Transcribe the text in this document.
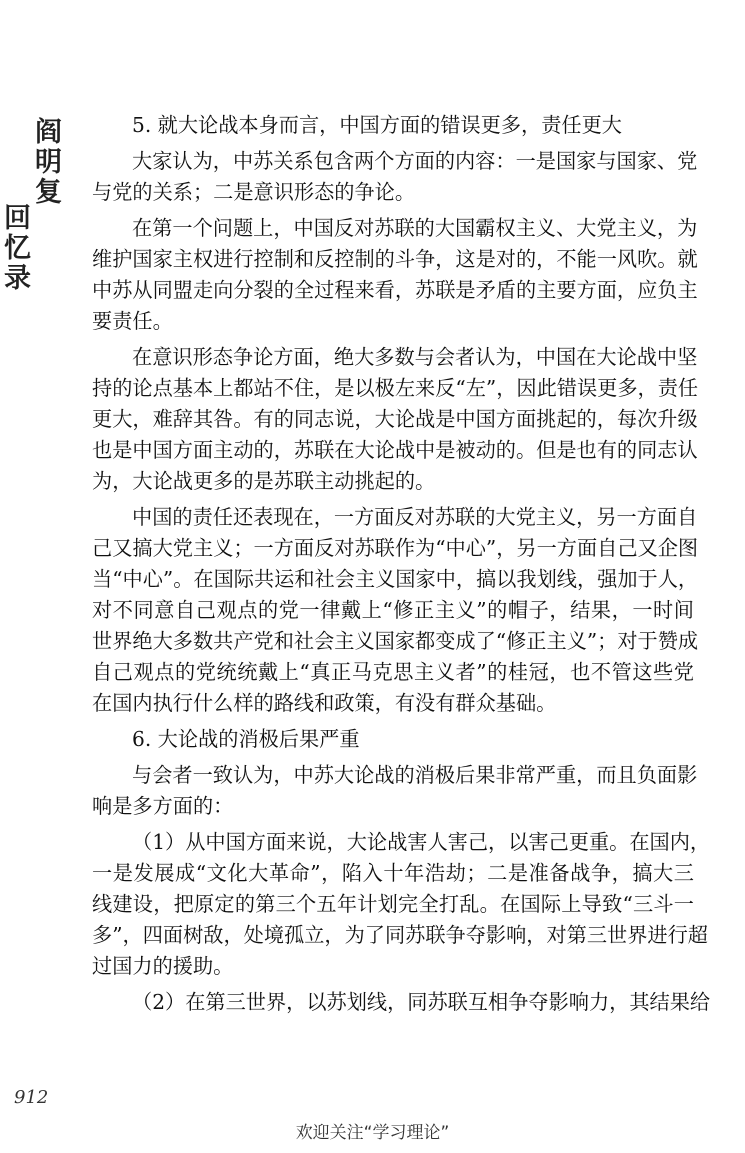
阎
明
复
回
忆
录
5. 就大论战本身而言，中国方面的错误更多，责任更大
大家认为，中苏关系包含两个方面的内容：一是国家与国家、党
与党的关系；二是意识形态的争论。
在第一个问题上，中国反对苏联的大国霸权主义、大党主义，为
维护国家主权进行控制和反控制的斗争，这是对的，不能一风吹。就
中苏从同盟走向分裂的全过程来看，苏联是矛盾的主要方面，应负主
要责任。
在意识形态争论方面，绝大多数与会者认为，中国在大论战中坚
持的论点基本上都站不住，是以极左来反“左”，因此错误更多，责任
更大，难辞其咎。有的同志说，大论战是中国方面挑起的，每次升级
也是中国方面主动的，苏联在大论战中是被动的。但是也有的同志认
为，大论战更多的是苏联主动挑起的。
中国的责任还表现在，一方面反对苏联的大党主义，另一方面自
己又搞大党主义；一方面反对苏联作为“中心”，另一方面自己又企图
当“中心”。在国际共运和社会主义国家中，搞以我划线，强加于人，
对不同意自己观点的党一律戴上“修正主义”的帽子，结果，一时间
世界绝大多数共产党和社会主义国家都变成了“修正主义”；对于赞成
自己观点的党统统戴上“真正马克思主义者”的桂冠，也不管这些党
在国内执行什么样的路线和政策，有没有群众基础。
6. 大论战的消极后果严重
与会者一致认为，中苏大论战的消极后果非常严重，而且负面影
响是多方面的：
（1）从中国方面来说，大论战害人害己，以害己更重。在国内，
一是发展成“文化大革命”，陷入十年浩劫；二是准备战争，搞大三
线建设，把原定的第三个五年计划完全打乱。在国际上导致“三斗一
多”，四面树敌，处境孤立，为了同苏联争夺影响，对第三世界进行超
过国力的援助。
（2）在第三世界，以苏划线，同苏联互相争夺影响力，其结果给
912
欢迎关注“学习理论”
